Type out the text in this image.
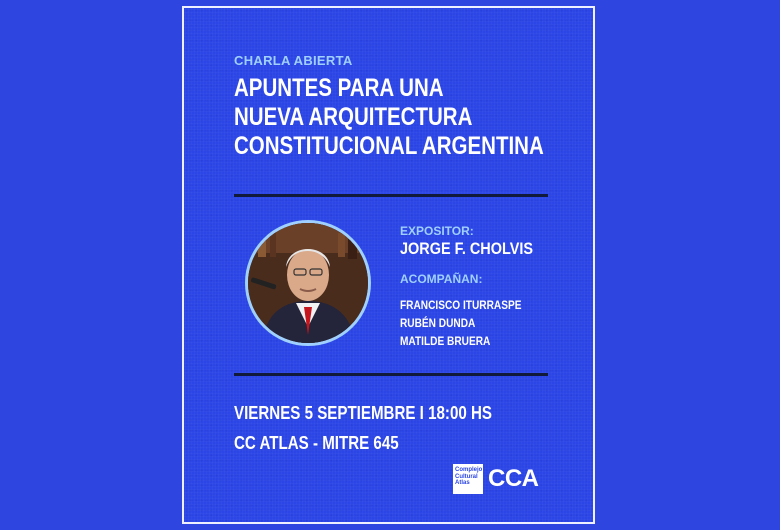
CHARLA ABIERTA
APUNTES PARA UNA
NUEVA ARQUITECTURA
CONSTITUCIONAL ARGENTINA
EXPOSITOR:
JORGE F. CHOLVIS
ACOMPAÑAN:
FRANCISCO ITURRASPE
RUBÉN DUNDA
MATILDE BRUERA
VIERNES 5 SEPTIEMBRE I 18:00 HS
CC ATLAS - MITRE 645
Complejo
Cultural
Atlas CCA
